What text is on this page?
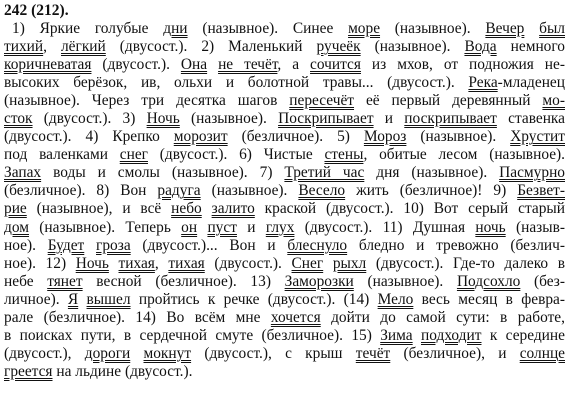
242 (212).
1) Яркие голубые дни (назывное). Синее море (назывное). Вечер был
тихий, лёгкий (двусост.). 2) Маленький ручеёк (назывное). Вода немного
коричневатая (двусост.). Она не течёт, а сочится из мхов, от подножия не-
высоких берёзок, ив, ольхи и болотной травы... (двусост.). Река-младенец
(назывное). Через три десятка шагов пересечёт её первый деревянный мо-
сток (двусост.). 3) Ночь (назывное). Поскрипывает и поскрипывает ставенка
(двусост.). 4) Крепко морозит (безличное). 5) Мороз (назывное). Хрустит
под валенками снег (двусост.). 6) Чистые стены, обитые лесом (назывное).
Запах воды и смолы (назывное). 7) Третий час дня (назывное). Пасмурно
(безличное). 8) Вон радуга (назывное). Весело жить (безличное)! 9) Безвет-
рие (назывное), и всё небо залито краской (двусост.). 10) Вот серый старый
дом (назывное). Теперь он пуст и глух (двусост.). 11) Душная ночь (назыв-
ное). Будет гроза (двусост.)... Вон и блеснуло бледно и тревожно (безлич-
ное). 12) Ночь тихая, тихая (двусост.). Снег рыхл (двусост.). Где-то далеко в
небе тянет весной (безличное). 13) Заморозки (назывное). Подсохло (без-
личное). Я вышел пройтись к речке (двусост.). (14) Мело весь месяц в февра-
рале (безличное). 14) Во всём мне хочется дойти до самой сути: в работе,
в поисках пути, в сердечной смуте (безличное). 15) Зима подходит к середине
(двусост.), дороги мокнут (двусост.), с крыш течёт (безличное), и солнце
греется на льдине (двусост.).
